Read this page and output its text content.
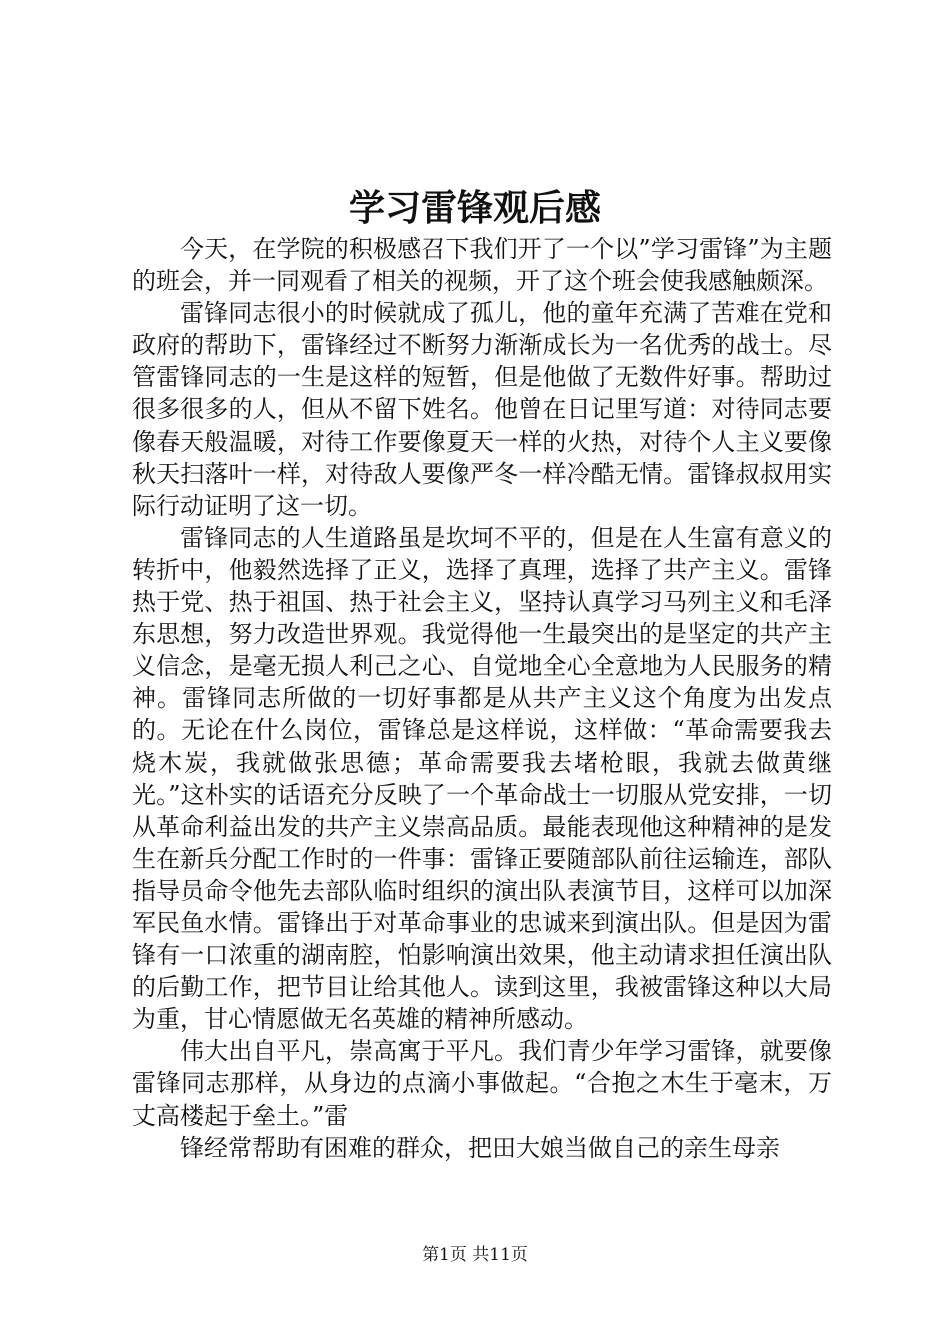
学习雷锋观后感

今天，在学院的积极感召下我们开了一个以”学习雷锋”为主题的班会，并一同观看了相关的视频，开了这个班会使我感触颇深。

雷锋同志很小的时候就成了孤儿，他的童年充满了苦难在党和政府的帮助下，雷锋经过不断努力渐渐成长为一名优秀的战士。尽管雷锋同志的一生是这样的短暂，但是他做了无数件好事。帮助过很多很多的人，但从不留下姓名。他曾在日记里写道：对待同志要像春天般温暖，对待工作要像夏天一样的火热，对待个人主义要像秋天扫落叶一样，对待敌人要像严冬一样冷酷无情。雷锋叔叔用实际行动证明了这一切。

雷锋同志的人生道路虽是坎坷不平的，但是在人生富有意义的转折中，他毅然选择了正义，选择了真理，选择了共产主义。雷锋热于党、热于祖国、热于社会主义，坚持认真学习马列主义和毛泽东思想，努力改造世界观。我觉得他一生最突出的是坚定的共产主义信念，是毫无损人利己之心、自觉地全心全意地为人民服务的精神。雷锋同志所做的一切好事都是从共产主义这个角度为出发点的。无论在什么岗位，雷锋总是这样说，这样做：“革命需要我去烧木炭，我就做张思德；革命需要我去堵枪眼，我就去做黄继光。”这朴实的话语充分反映了一个革命战士一切服从党安排，一切从革命利益出发的共产主义崇高品质。最能表现他这种精神的是发生在新兵分配工作时的一件事：雷锋正要随部队前往运输连，部队指导员命令他先去部队临时组织的演出队表演节目，这样可以加深军民鱼水情。雷锋出于对革命事业的忠诚来到演出队。但是因为雷锋有一口浓重的湖南腔，怕影响演出效果，他主动请求担任演出队的后勤工作，把节目让给其他人。读到这里，我被雷锋这种以大局为重，甘心情愿做无名英雄的精神所感动。

伟大出自平凡，崇高寓于平凡。我们青少年学习雷锋，就要像雷锋同志那样，从身边的点滴小事做起。“合抱之木生于毫末，万丈高楼起于垒土。”雷

锋经常帮助有困难的群众，把田大娘当做自己的亲生母亲

第1页 共11页
